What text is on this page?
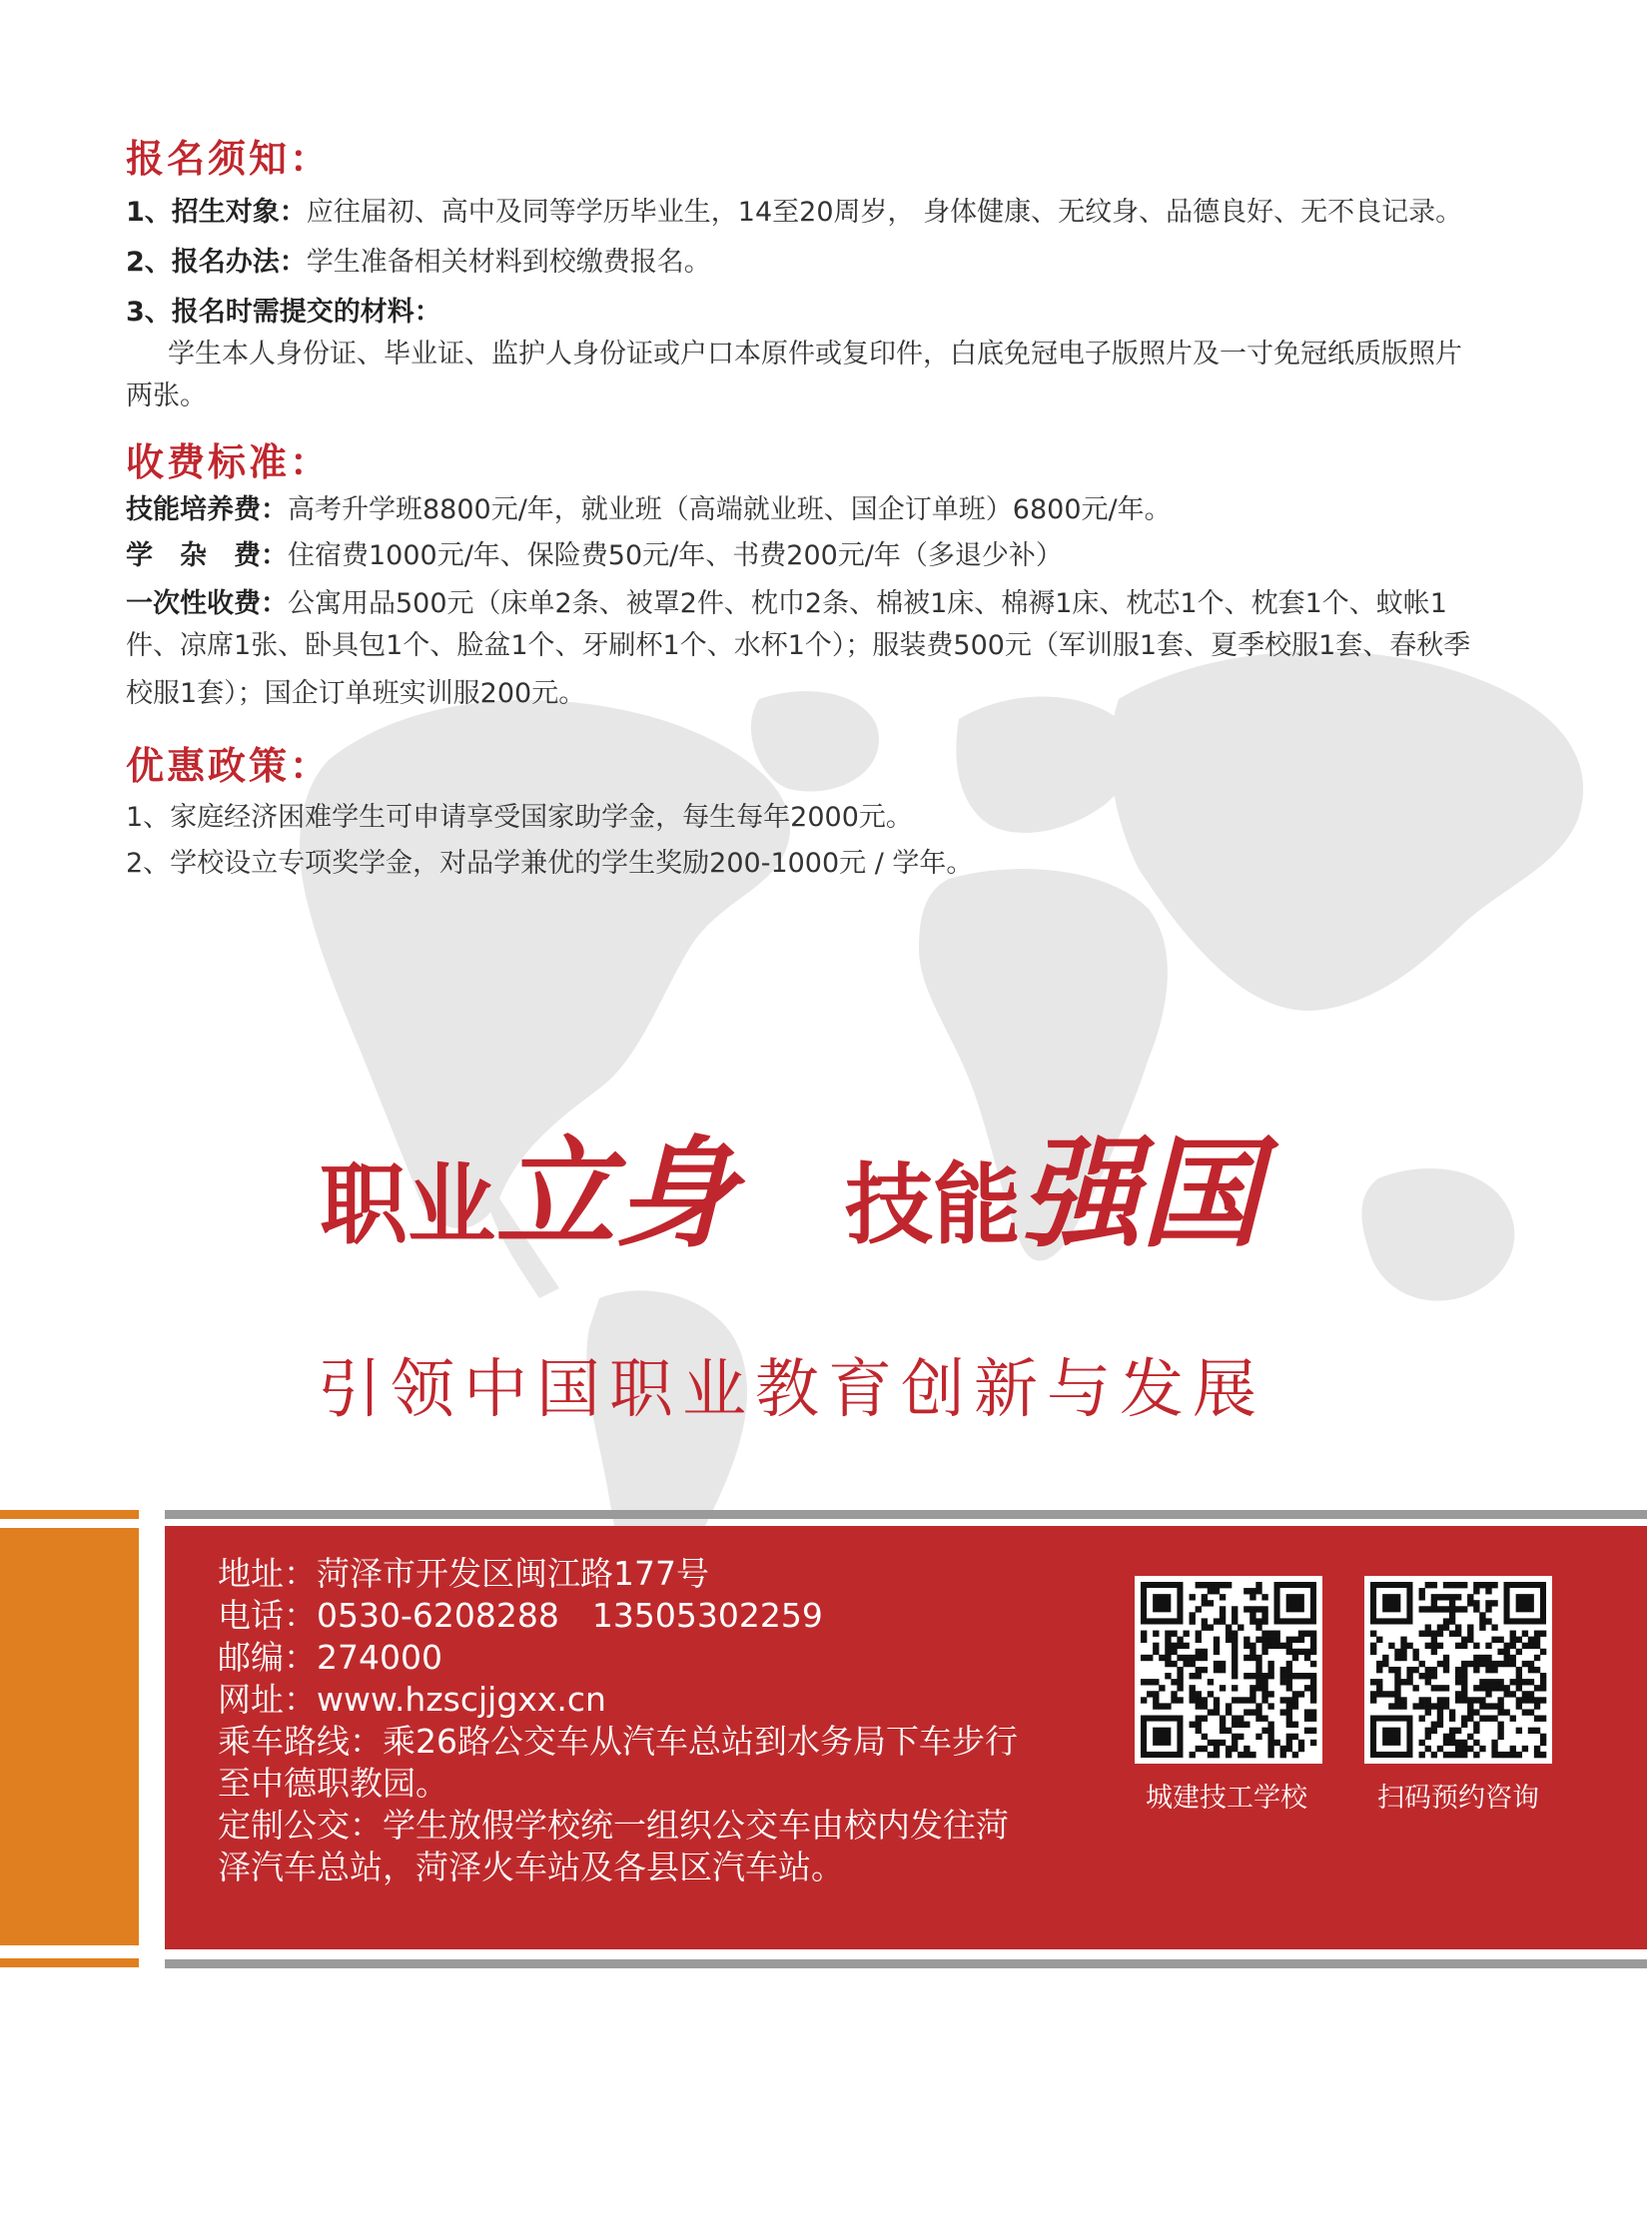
报名须知：
1、招生对象：应往届初、高中及同等学历毕业生，14至20周岁， 身体健康、无纹身、品德良好、无不良记录。
2、报名办法：学生准备相关材料到校缴费报名。
3、报名时需提交的材料：
学生本人身份证、毕业证、监护人身份证或户口本原件或复印件，白底免冠电子版照片及一寸免冠纸质版照片
两张。
收费标准：
技能培养费：高考升学班8800元/年，就业班（高端就业班、国企订单班）6800元/年。
学　杂　费：住宿费1000元/年、保险费50元/年、书费200元/年（多退少补）
一次性收费：公寓用品500元（床单2条、被罩2件、枕巾2条、棉被1床、棉褥1床、枕芯1个、枕套1个、蚊帐1
件、凉席1张、卧具包1个、脸盆1个、牙刷杯1个、水杯1个）；服装费500元（军训服1套、夏季校服1套、春秋季
校服1套）；国企订单班实训服200元。
优惠政策：
1、家庭经济困难学生可申请享受国家助学金，每生每年2000元。
2、学校设立专项奖学金，对品学兼优的学生奖励200-1000元 / 学年。
职业立身 技能强国
引领中国职业教育创新与发展
地址：菏泽市开发区闽江路177号
电话：0530-6208288　13505302259
邮编：274000
网址：www.hzscjjgxx.cn
乘车路线：乘26路公交车从汽车总站到水务局下车步行
至中德职教园。
定制公交：学生放假学校统一组织公交车由校内发往菏
泽汽车总站，菏泽火车站及各县区汽车站。
城建技工学校	扫码预约咨询
